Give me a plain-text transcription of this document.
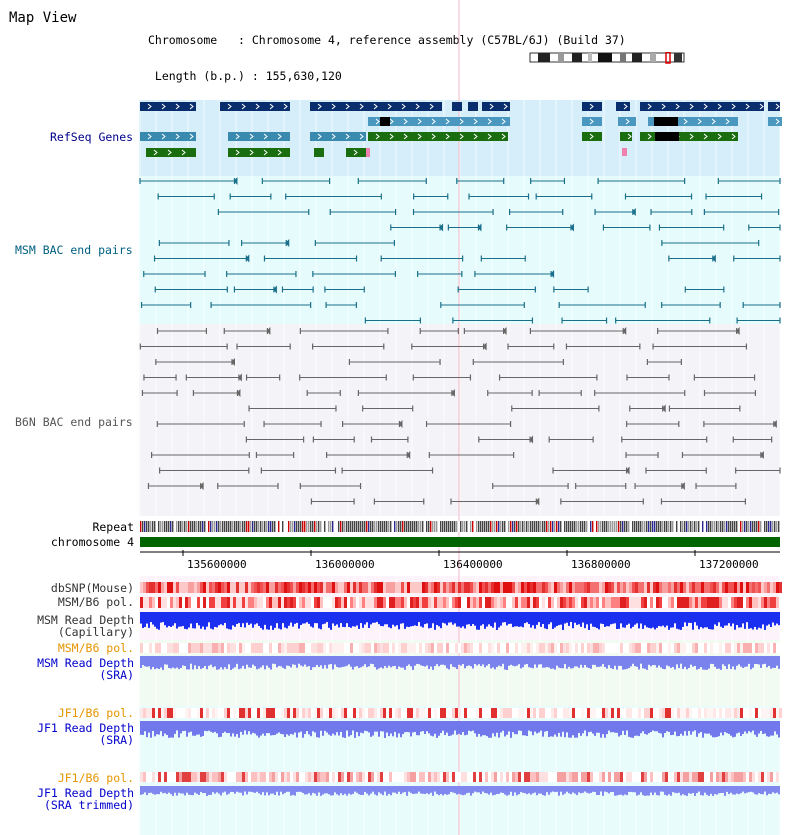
Map View

Chromosome   : Chromosome 4, reference assembly (C57BL/6J) (Build 37)

Length (b.p.) : 155,630,120

RefSeq Genes
MSM BAC end pairs
B6N BAC end pairs
Repeat
chromosome 4
dbSNP(Mouse)
MSM/B6 pol.
MSM Read Depth
(Capillary)
MSM/B6 pol.
MSM Read Depth
(SRA)
JF1/B6 pol.
JF1 Read Depth
(SRA)
JF1/B6 pol.
JF1 Read Depth
(SRA trimmed)
135600000	136000000	136400000	136800000	137200000
